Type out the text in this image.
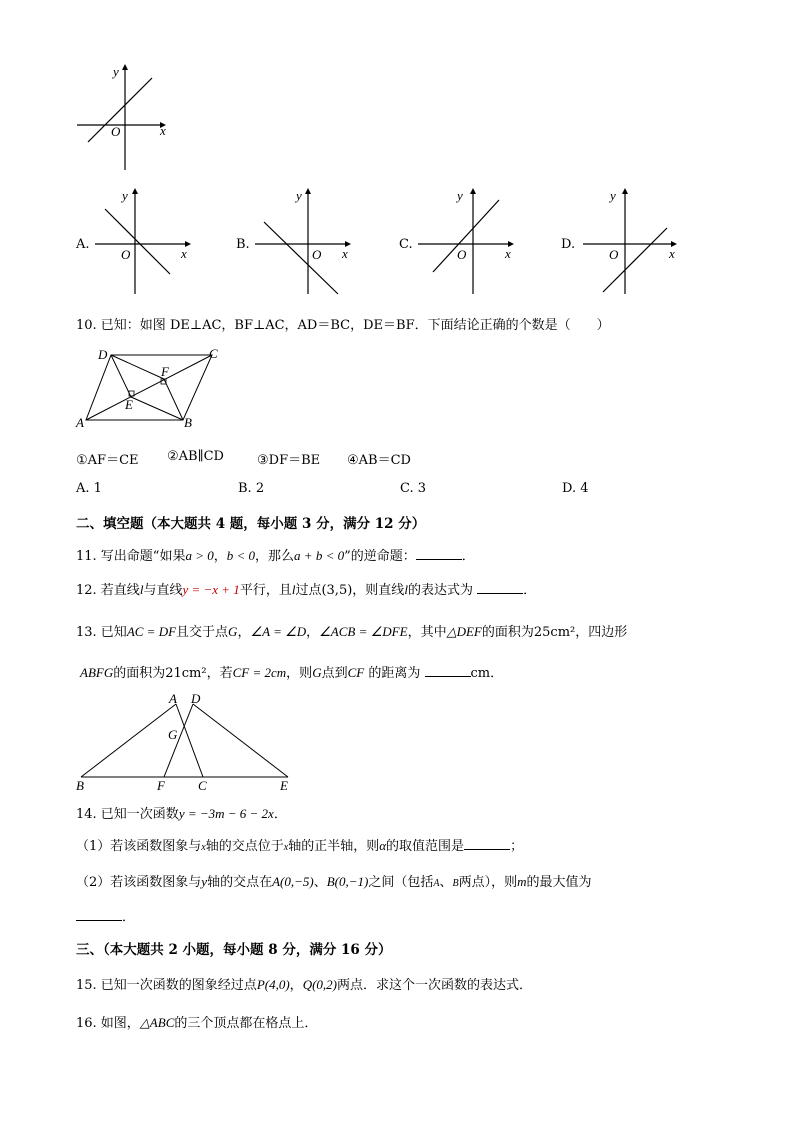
y
x
O
A.
y
x
O
B.
y
x
O
C.
y
x
O
D.
y
x
O
10. 已知：如图 DE⊥AC，BF⊥AC，AD＝BC，DE＝BF．下面结论正确的个数是（　　）
D	C
F
E
A	B
①AF＝CE ②AB∥CD	③DF＝BE ④AB＝CD
A. 1	B. 2	C. 3	D. 4
二、填空题（本大题共 4 题，每小题 3 分，满分 12 分）
11. 写出命题“如果a > 0，b < 0，那么a + b < 0”的逆命题：	．
12. 若直线l与直线y = −x + 1平行，且l过点(3,5)，则直线l的表达式为	．
13. 已知AC = DF且交于点G，∠A = ∠D，∠ACB = ∠DFE，其中△DEF的面积为25cm²，四边形
ABFG的面积为21cm²，若CF = 2cm，则G点到CF 的距离为	cm．
A D
G
B	F	C	E
14. 已知一次函数y = −3m − 6 − 2x．
（1）若该函数图象与x轴的交点位于x轴的正半轴，则α的取值范围是	；
（2）若该函数图象与y轴的交点在A(0,−5)、B(0,−1)之间（包括A、B两点），则m的最大值为
．
三、（本大题共 2 小题，每小题 8 分，满分 16 分）
15. 已知一次函数的图象经过点P(4,0)，Q(0,2)两点．求这个一次函数的表达式．
16. 如图，△ABC的三个顶点都在格点上．
